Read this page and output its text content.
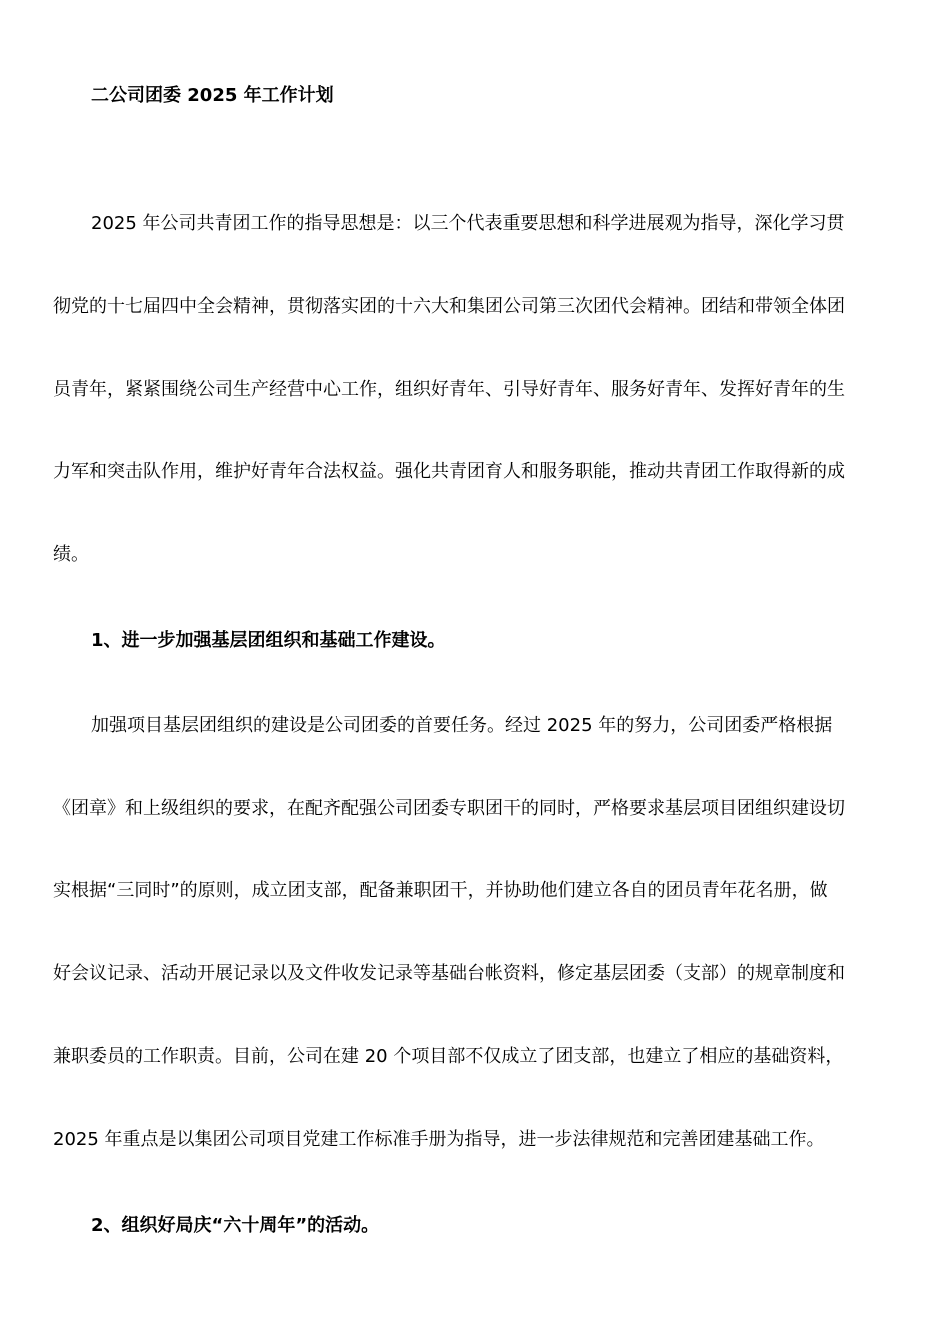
二公司团委 2025 年工作计划
2025 年公司共青团工作的指导思想是：以三个代表重要思想和科学进展观为指导，深化学习贯
彻党的十七届四中全会精神，贯彻落实团的十六大和集团公司第三次团代会精神。团结和带领全体团
员青年，紧紧围绕公司生产经营中心工作，组织好青年、引导好青年、服务好青年、发挥好青年的生
力军和突击队作用，维护好青年合法权益。强化共青团育人和服务职能，推动共青团工作取得新的成
绩。
1、进一步加强基层团组织和基础工作建设。
加强项目基层团组织的建设是公司团委的首要任务。经过 2025 年的努力，公司团委严格根据
《团章》和上级组织的要求，在配齐配强公司团委专职团干的同时，严格要求基层项目团组织建设切
实根据“三同时”的原则，成立团支部，配备兼职团干，并协助他们建立各自的团员青年花名册，做
好会议记录、活动开展记录以及文件收发记录等基础台帐资料，修定基层团委（支部）的规章制度和
兼职委员的工作职责。目前，公司在建 20 个项目部不仅成立了团支部，也建立了相应的基础资料，
2025 年重点是以集团公司项目党建工作标准手册为指导，进一步法律规范和完善团建基础工作。
2、组织好局庆“六十周年”的活动。
